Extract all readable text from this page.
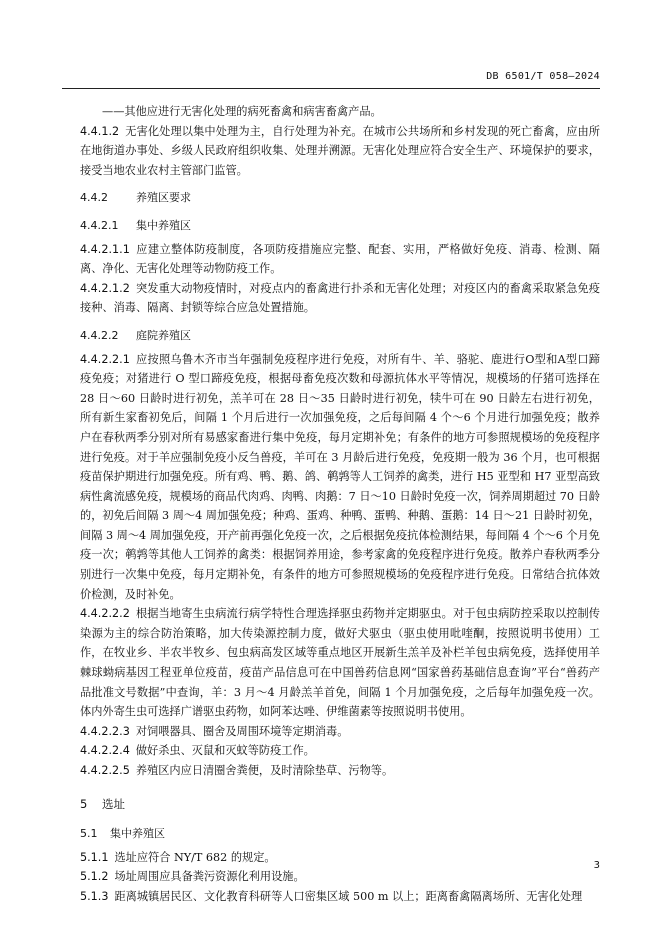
DB 6501/T 058—2024

——其他应进行无害化处理的病死畜禽和病害畜禽产品。

4.4.1.2 无害化处理以集中处理为主，自行处理为补充。在城市公共场所和乡村发现的死亡畜禽，应由所在地街道办事处、乡级人民政府组织收集、处理并溯源。无害化处理应符合安全生产、环境保护的要求，接受当地农业农村主管部门监管。

4.4.2	养殖区要求
4.4.2.1 集中养殖区

4.4.2.1.1 应建立整体防疫制度，各项防疫措施应完整、配套、实用，严格做好免疫、消毒、检测、隔离、净化、无害化处理等动物防疫工作。

4.4.2.1.2 突发重大动物疫情时，对疫点内的畜禽进行扑杀和无害化处理；对疫区内的畜禽采取紧急免疫接种、消毒、隔离、封锁等综合应急处置措施。

4.4.2.2 庭院养殖区

4.4.2.2.1 应按照乌鲁木齐市当年强制免疫程序进行免疫，对所有牛、羊、骆驼、鹿进行O型和A型口蹄疫免疫；对猪进行 O 型口蹄疫免疫，根据母畜免疫次数和母源抗体水平等情况，规模场的仔猪可选择在 28 日～60 日龄时进行初免，羔羊可在 28 日～35 日龄时进行初免，犊牛可在 90 日龄左右进行初免，所有新生家畜初免后，间隔 1 个月后进行一次加强免疫，之后每间隔 4 个～6 个月进行加强免疫；散养户在春秋两季分别对所有易感家畜进行集中免疫，每月定期补免；有条件的地方可参照规模场的免疫程序进行免疫。对于羊应强制免疫小反刍兽疫，羊可在 3 月龄后进行免疫，免疫期一般为 36 个月，也可根据疫苗保护期进行加强免疫。所有鸡、鸭、鹅、鸽、鹌鹑等人工饲养的禽类，进行 H5 亚型和 H7 亚型高致病性禽流感免疫，规模场的商品代肉鸡、肉鸭、肉鹅：7 日～10 日龄时免疫一次，饲养周期超过 70 日龄的，初免后间隔 3 周～4 周加强免疫；种鸡、蛋鸡、种鸭、蛋鸭、种鹅、蛋鹅：14 日～21 日龄时初免，间隔 3 周～4 周加强免疫，开产前再强化免疫一次，之后根据免疫抗体检测结果，每间隔 4 个～6 个月免疫一次；鹌鹑等其他人工饲养的禽类：根据饲养用途，参考家禽的免疫程序进行免疫。散养户春秋两季分别进行一次集中免疫，每月定期补免，有条件的地方可参照规模场的免疫程序进行免疫。日常结合抗体效价检测，及时补免。

4.4.2.2.2 根据当地寄生虫病流行病学特性合理选择驱虫药物并定期驱虫。对于包虫病防控采取以控制传染源为主的综合防治策略，加大传染源控制力度，做好犬驱虫（驱虫使用吡喹酮，按照说明书使用）工作，在牧业乡、半农半牧乡、包虫病高发区域等重点地区开展新生羔羊及补栏羊包虫病免疫，选择使用羊棘球蚴病基因工程亚单位疫苗，疫苗产品信息可在中国兽药信息网“国家兽药基础信息查询”平台“兽药产品批准文号数据”中查询，羊：3 月～4 月龄羔羊首免，间隔 1 个月加强免疫，之后每年加强免疫一次。体内外寄生虫可选择广谱驱虫药物，如阿苯达唑、伊维菌素等按照说明书使用。

4.4.2.2.3 对饲喂器具、圈舍及周围环境等定期消毒。

4.4.2.2.4 做好杀虫、灭鼠和灭蚊等防疫工作。

4.4.2.2.5 养殖区内应日清圈舍粪便，及时清除垫草、污物等。

5 选址
5.1 集中养殖区

5.1.1 选址应符合 NY/T 682 的规定。

5.1.2 场址周围应具备粪污资源化利用设施。

5.1.3 距离城镇居民区、文化教育科研等人口密集区域 500 m 以上；距离畜禽隔离场所、无害化处理

3
